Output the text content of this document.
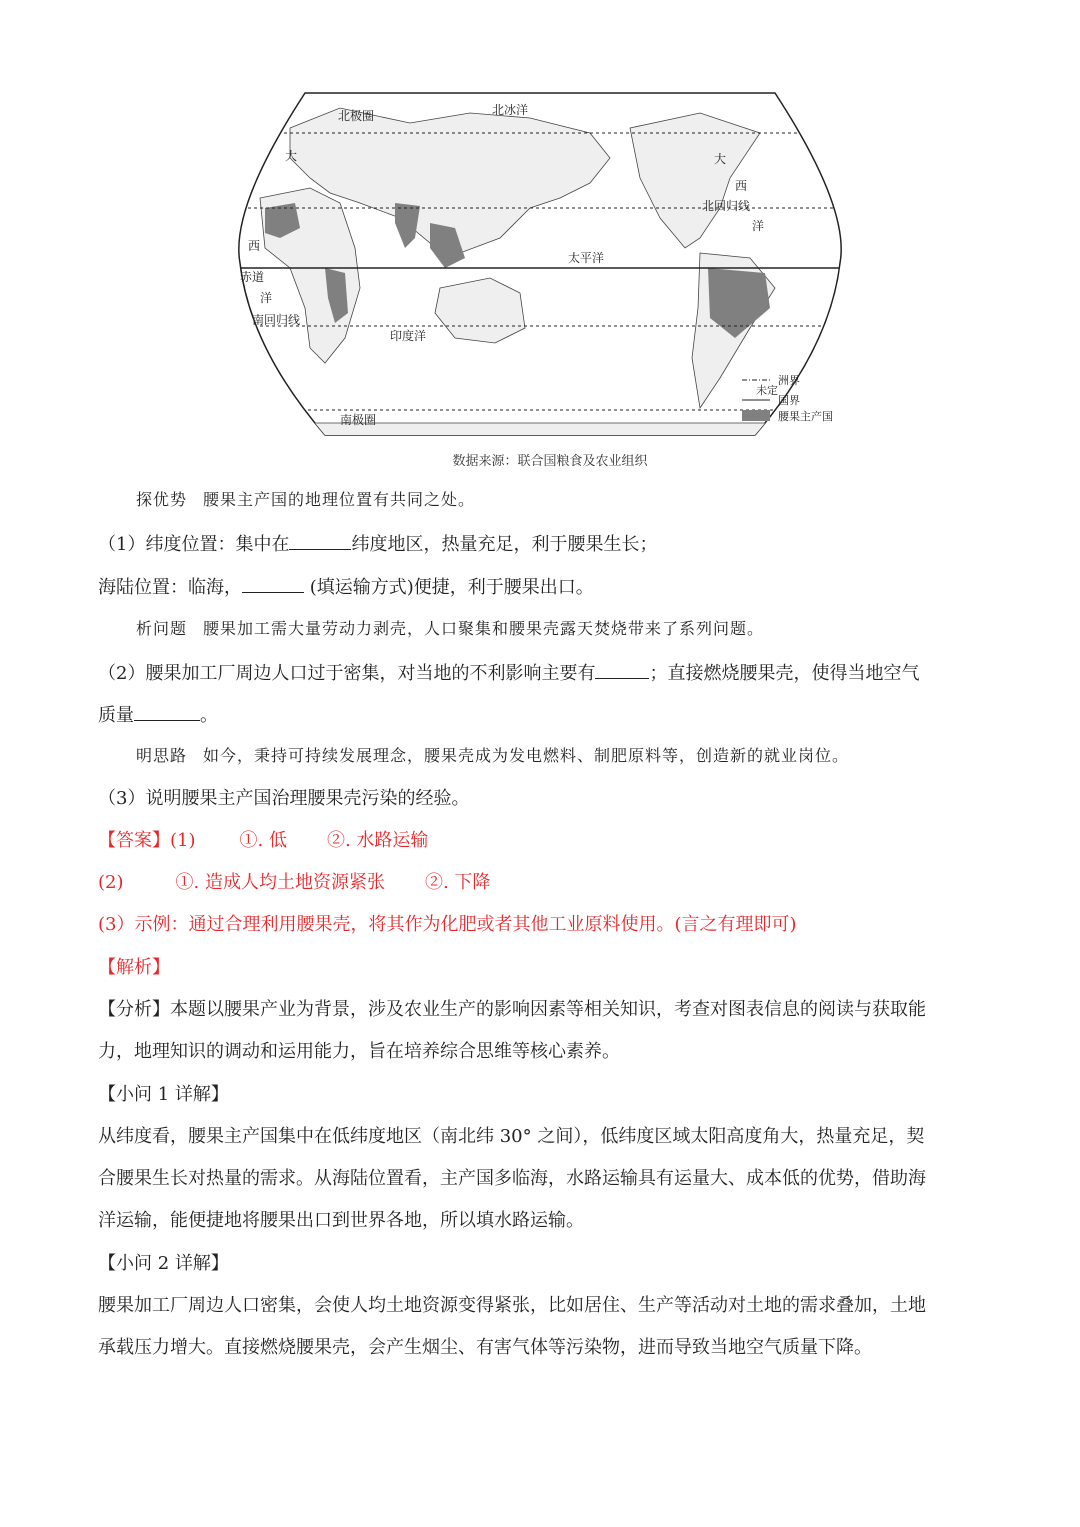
北极圈	北冰洋
大
西
洋
赤道
南回归线
印度洋
太平洋
大
西
北回归线
洋
南极圈
洲界
未定
国界
腰果主产国
数据来源：联合国粮食及农业组织
探优势 腰果主产国的地理位置有共同之处。
（1）纬度位置：集中在	纬度地区，热量充足，利于腰果生长；
海陆位置：临海，	(填运输方式)便捷，利于腰果出口。
析问题 腰果加工需大量劳动力剥壳，人口聚集和腰果壳露天焚烧带来了系列问题。
（2）腰果加工厂周边人口过于密集，对当地的不利影响主要有	；直接燃烧腰果壳，使得当地空气
质量	。
明思路 如今，秉持可持续发展理念，腰果壳成为发电燃料、制肥原料等，创造新的就业岗位。
（3）说明腰果主产国治理腰果壳污染的经验。
【答案】(1) ①. 低 ②. 水路运输
(2)	①. 造成人均土地资源紧张 ②. 下降
(3）示例：通过合理利用腰果壳，将其作为化肥或者其他工业原料使用。(言之有理即可)
【解析】
【分析】本题以腰果产业为背景，涉及农业生产的影响因素等相关知识，考查对图表信息的阅读与获取能
力，地理知识的调动和运用能力，旨在培养综合思维等核心素养。
【小问 1 详解】
从纬度看，腰果主产国集中在低纬度地区（南北纬 30° 之间），低纬度区域太阳高度角大，热量充足，契
合腰果生长对热量的需求。从海陆位置看，主产国多临海，水路运输具有运量大、成本低的优势，借助海
洋运输，能便捷地将腰果出口到世界各地，所以填水路运输。
【小问 2 详解】
腰果加工厂周边人口密集，会使人均土地资源变得紧张，比如居住、生产等活动对土地的需求叠加，土地
承载压力增大。直接燃烧腰果壳，会产生烟尘、有害气体等污染物，进而导致当地空气质量下降。
